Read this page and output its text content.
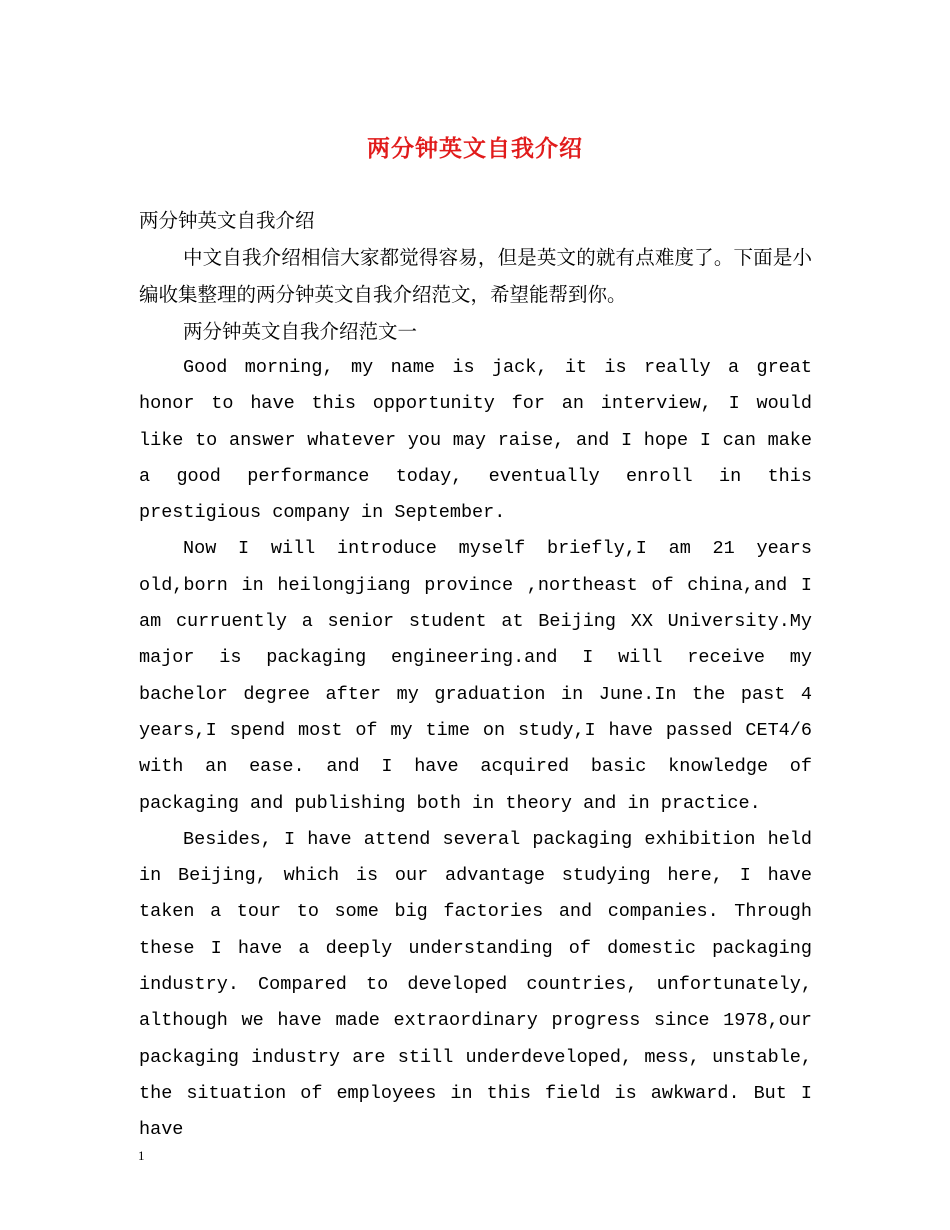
两分钟英文自我介绍

两分钟英文自我介绍

中文自我介绍相信大家都觉得容易，但是英文的就有点难度了。下面是小编收集整理的两分钟英文自我介绍范文，希望能帮到你。

两分钟英文自我介绍范文一

Good morning, my name is jack, it is really a great honor to have this opportunity for an interview, I would like to answer whatever you may raise, and I hope I can make a good performance today, eventually enroll in this prestigious company in September.

Now I will introduce myself briefly,I am 21 years old,born in heilongjiang province ,northeast of china,and I am curruently a senior student at Beijing XX University.My major is packaging engineering.and I will receive my bachelor degree after my graduation in June.In the past 4 years,I spend most of my time on study,I have passed CET4/6 with an ease. and I have acquired basic knowledge of packaging and publishing both in theory and in practice.

Besides, I have attend several packaging exhibition held in Beijing, which is our advantage studying here, I have taken a tour to some big factories and companies. Through these I have a deeply understanding of domestic packaging industry. Compared to developed countries, unfortunately, although we have made extraordinary progress since 1978,our packaging industry are still underdeveloped, mess, unstable, the situation of employees in this field is awkward. But I have

1
